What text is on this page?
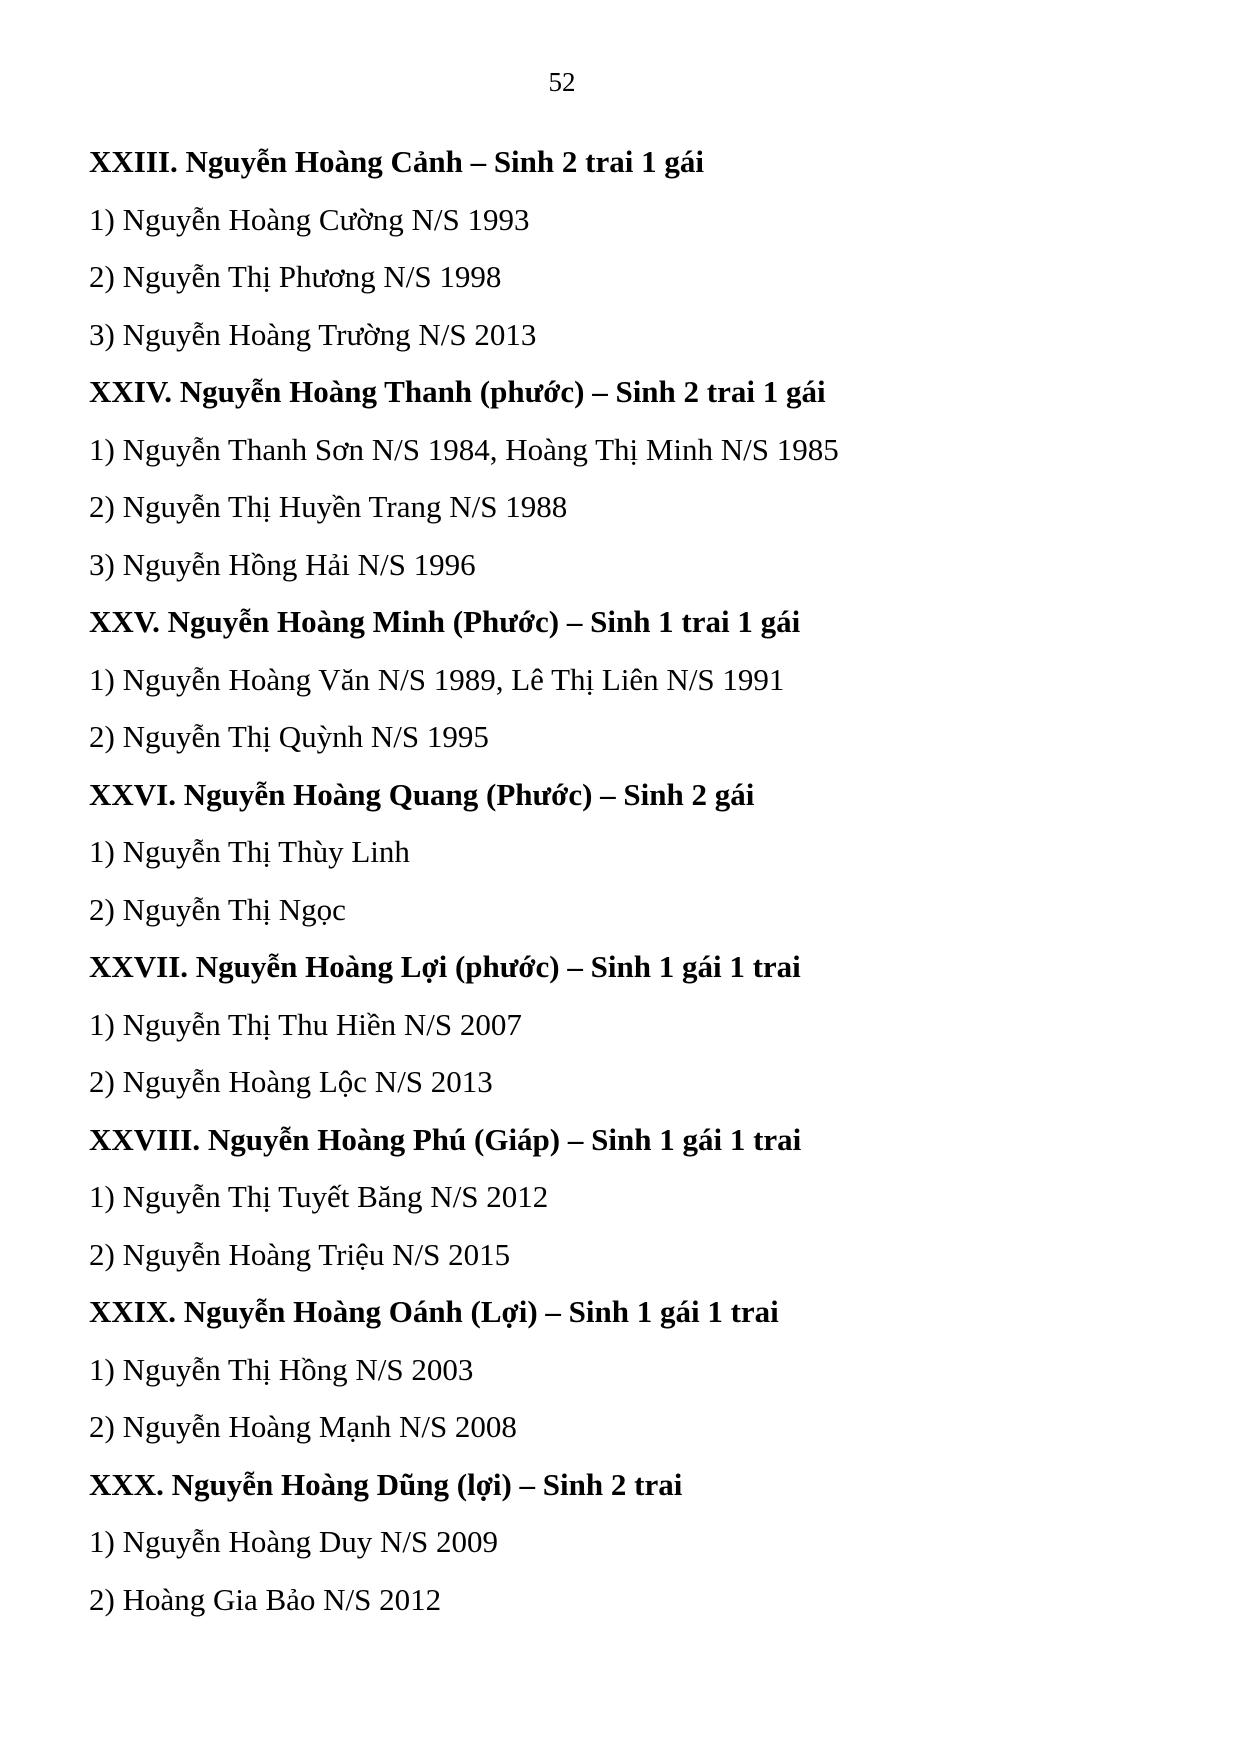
52
XXIII. Nguyễn Hoàng Cảnh – Sinh 2 trai 1 gái
1) Nguyễn Hoàng Cường N/S 1993
2) Nguyễn Thị Phương N/S 1998
3) Nguyễn Hoàng Trường N/S 2013
XXIV. Nguyễn Hoàng Thanh (phước) – Sinh 2 trai 1 gái
1) Nguyễn Thanh Sơn N/S 1984, Hoàng Thị Minh N/S 1985
2) Nguyễn Thị Huyền Trang N/S 1988
3) Nguyễn Hồng Hải N/S 1996
XXV. Nguyễn Hoàng Minh (Phước) – Sinh 1 trai 1 gái
1) Nguyễn Hoàng Văn N/S 1989, Lê Thị Liên N/S 1991
2) Nguyễn Thị Quỳnh N/S 1995
XXVI. Nguyễn Hoàng Quang (Phước) – Sinh 2 gái
1) Nguyễn Thị Thùy Linh
2) Nguyễn Thị Ngọc
XXVII. Nguyễn Hoàng Lợi (phước) – Sinh 1 gái 1 trai
1) Nguyễn Thị Thu Hiền N/S 2007
2) Nguyễn Hoàng Lộc N/S 2013
XXVIII. Nguyễn Hoàng Phú (Giáp) – Sinh 1 gái 1 trai
1) Nguyễn Thị Tuyết Băng N/S 2012
2) Nguyễn Hoàng Triệu N/S 2015
XXIX. Nguyễn Hoàng Oánh (Lợi) – Sinh 1 gái 1 trai
1) Nguyễn Thị Hồng N/S 2003
2) Nguyễn Hoàng Mạnh N/S 2008
XXX. Nguyễn Hoàng Dũng (lợi) – Sinh 2 trai
1) Nguyễn Hoàng Duy N/S 2009
2) Hoàng Gia Bảo N/S 2012
